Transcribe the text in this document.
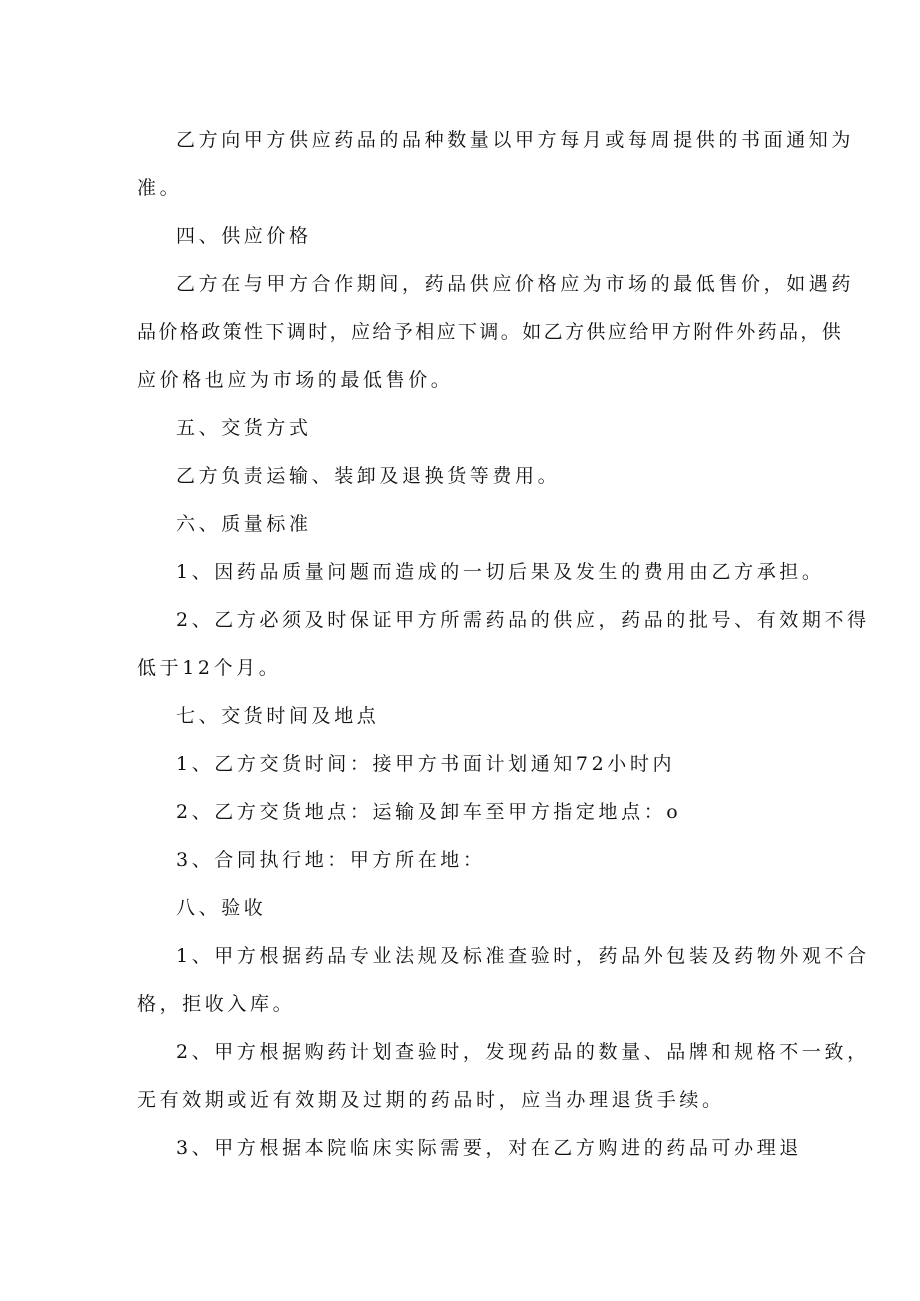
乙方向甲方供应药品的品种数量以甲方每月或每周提供的书面通知为
准。
四、供应价格
乙方在与甲方合作期间，药品供应价格应为市场的最低售价，如遇药
品价格政策性下调时，应给予相应下调。如乙方供应给甲方附件外药品，供
应价格也应为市场的最低售价。
五、交货方式
乙方负责运输、装卸及退换货等费用。
六、质量标准
1、因药品质量问题而造成的一切后果及发生的费用由乙方承担。
2、乙方必须及时保证甲方所需药品的供应，药品的批号、有效期不得
低于12个月。
七、交货时间及地点
1、乙方交货时间：接甲方书面计划通知72小时内
2、乙方交货地点：运输及卸车至甲方指定地点：o
3、合同执行地：甲方所在地：
八、验收
1、甲方根据药品专业法规及标准查验时，药品外包装及药物外观不合
格，拒收入库。
2、甲方根据购药计划查验时，发现药品的数量、品牌和规格不一致，
无有效期或近有效期及过期的药品时，应当办理退货手续。
3、甲方根据本院临床实际需要，对在乙方购进的药品可办理退
